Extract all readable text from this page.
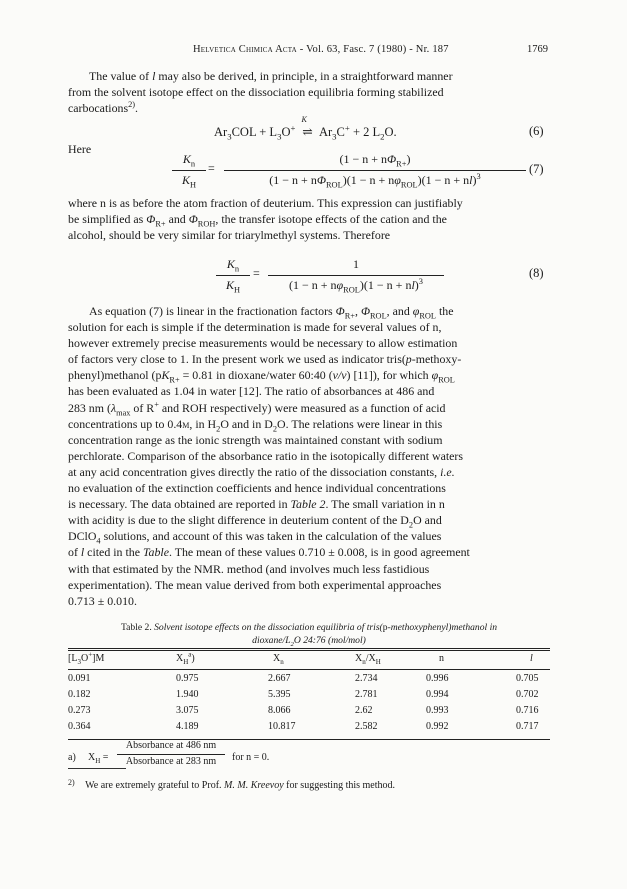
Helvetica Chimica Acta - Vol. 63, Fasc. 7 (1980) - Nr. 187	1769
The value of l may also be derived, in principle, in a straightforward manner
from the solvent isotope effect on the dissociation equilibria forming stabilized
carbocations$^{2)}$.
$Ar_3COL + L_3O^+$
K
⇌ $Ar_3C^+ + 2$ $L_2O$.	(6)
Here
$K_n$
$K_H$
=
$(1 - n + n\Phi_{R+})$
$(1 - n + n\Phi_{ROL})(1 - n + n\varphi_{ROL})(1 - n + nl)^3$
(7)
where n is as before the atom fraction of deuterium. This expression can justifiably
be simplified as $\Phi_{R+}$ and $\Phi_{ROH}$, the transfer isotope effects of the cation and the
alcohol, should be very similar for triarylmethyl systems. Therefore
$K_n$
$K_H$
=
1
$(1 - n + n\varphi_{ROL})(1 - n + nl)^3$
(8)
As equation (7) is linear in the fractionation factors $\Phi_{R+}$, $\Phi_{ROL}$, and $\varphi_{ROL}$ the
solution for each is simple if the determination is made for several values of n,
however extremely precise measurements would be necessary to allow estimation
of factors very close to 1. In the present work we used as indicator tris(p-methoxy-
phenyl)methanol ($pK_{R+} = 0.81$ in dioxane/water 60:40 (v/v) [11]), for which $\varphi_{ROL}$
has been evaluated as 1.04 in water [12]. The ratio of absorbances at 486 and
283 nm ($\lambda_{max}$ of R+ and ROH respectively) were measured as a function of acid
concentrations up to 0.4m, in $H_2O$ and in $D_2O$. The relations were linear in this
concentration range as the ionic strength was maintained constant with sodium
perchlorate. Comparison of the absorbance ratio in the isotopically different waters
at any acid concentration gives directly the ratio of the dissociation constants, i.e.
no evaluation of the extinction coefficients and hence individual concentrations
is necessary. The data obtained are reported in Table 2. The small variation in n
with acidity is due to the slight difference in deuterium content of the $D_2O$ and
DClO$_4$ solutions, and account of this was taken in the calculation of the values
of l cited in the Table. The mean of these values 0.710 ± 0.008, is in good agreement
with that estimated by the NMR. method (and involves much less fastidious
experimentation). The mean value derived from both experimental approaches
0.713 ± 0.010.
Table 2. Solvent isotope effects on the dissociation equilibria of tris(p-methoxyphenyl)methanol in
dioxane/$L_2O$ 24:76 (mol/mol)
$[L_3O^+]M$	$X_H^a$)	$X_n$	$X_n/X_H$	n	l
0.091	0.975	2.667	2.734	0.996	0.705
0.182	1.940	5.395	2.781	0.994	0.702
0.273	3.075	8.066	2.62	0.993	0.716
0.364	4.189	10.817	2.582	0.992	0.717
a) $X_H$ =
Absorbance at 486 nm
Absorbance at 283 nm	for n = 0.
$^{2)}$ We are extremely grateful to Prof. M. M. Kreevoy for suggesting this method.
